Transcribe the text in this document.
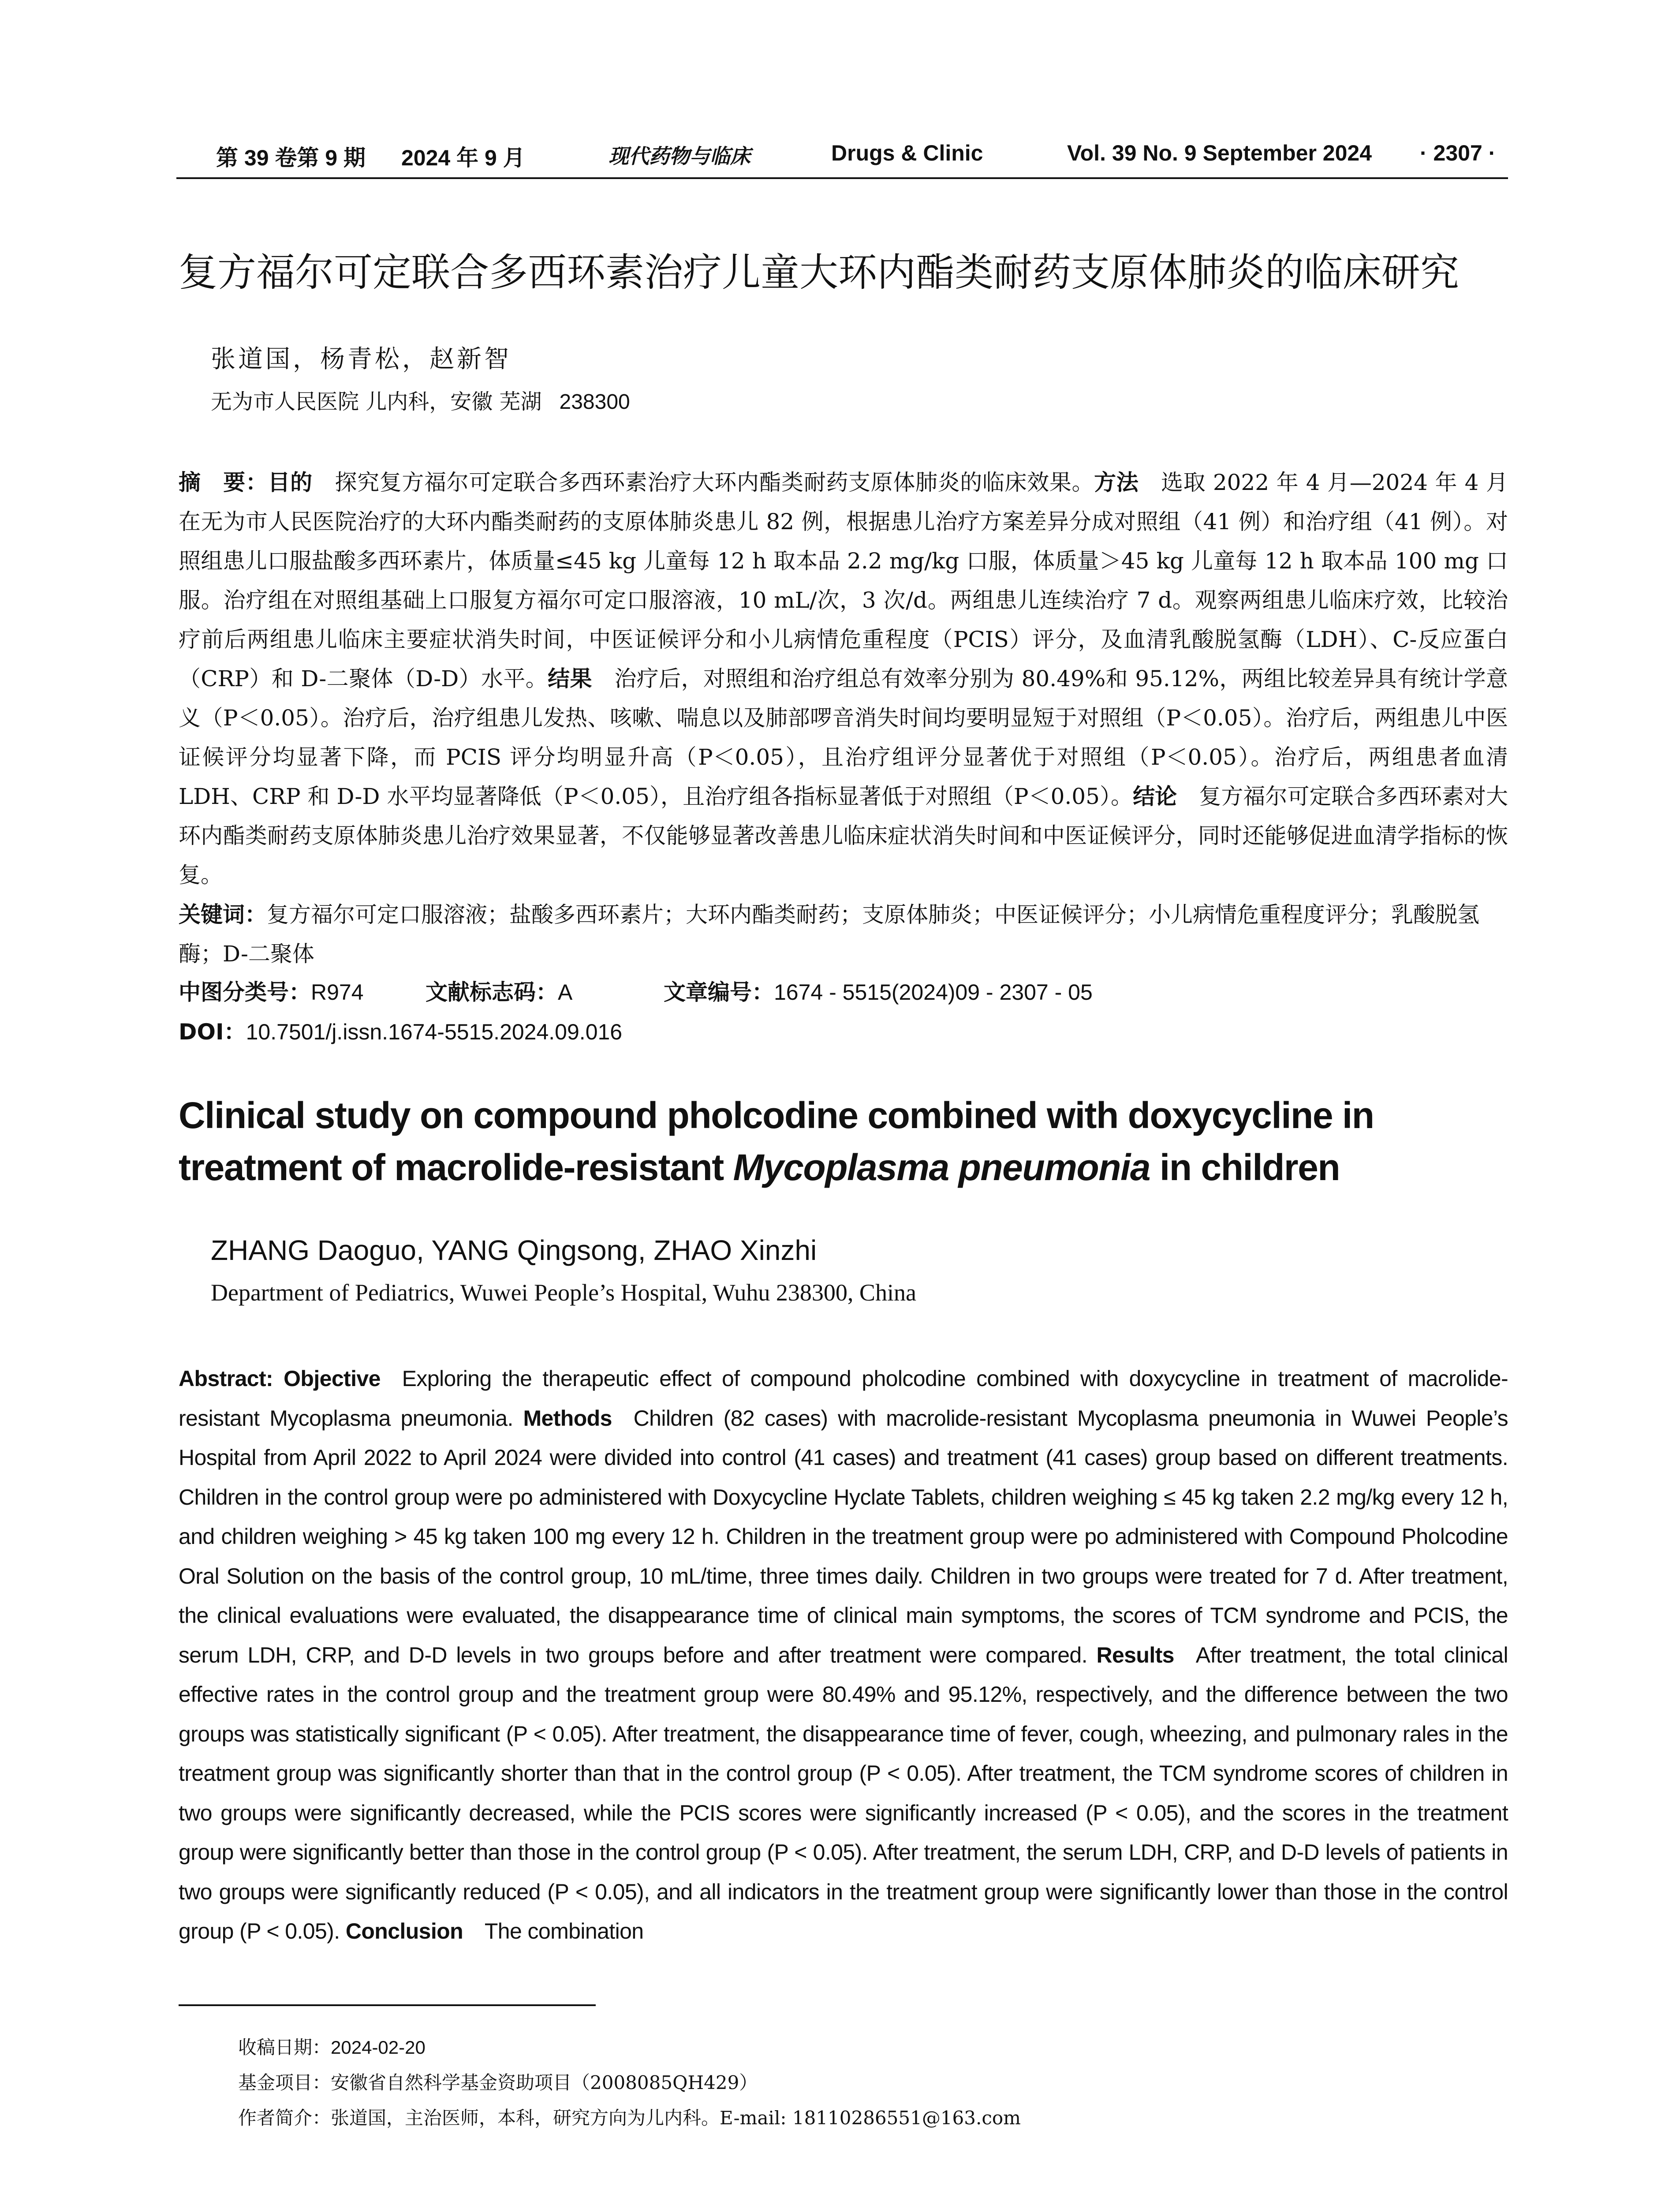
第 39 卷第 9 期 2024 年 9 月	现代药物与临床	Drugs & Clinic	Vol. 39 No. 9 September 2024 · 2307 ·
复方福尔可定联合多西环素治疗儿童大环内酯类耐药支原体肺炎的临床研究
张道国，杨青松，赵新智
无为市人民医院 儿内科，安徽 芜湖 238300

摘　要：目的  探究复方福尔可定联合多西环素治疗大环内酯类耐药支原体肺炎的临床效果。方法  选取 2022 年 4 月—2024 年 4 月在无为市人民医院治疗的大环内酯类耐药的支原体肺炎患儿 82 例，根据患儿治疗方案差异分成对照组（41 例）和治疗组（41 例）。对照组患儿口服盐酸多西环素片，体质量≤45 kg 儿童每 12 h 取本品 2.2 mg/kg 口服，体质量＞45 kg 儿童每 12 h 取本品 100 mg 口服。治疗组在对照组基础上口服复方福尔可定口服溶液，10 mL/次，3 次/d。两组患儿连续治疗 7 d。观察两组患儿临床疗效，比较治疗前后两组患儿临床主要症状消失时间，中医证候评分和小儿病情危重程度（PCIS）评分，及血清乳酸脱氢酶（LDH）、C-反应蛋白（CRP）和 D-二聚体（D-D）水平。结果  治疗后，对照组和治疗组总有效率分别为 80.49%和 95.12%，两组比较差异具有统计学意义（P＜0.05）。治疗后，治疗组患儿发热、咳嗽、喘息以及肺部啰音消失时间均要明显短于对照组（P＜0.05）。治疗后，两组患儿中医证候评分均显著下降，而 PCIS 评分均明显升高（P＜0.05），且治疗组评分显著优于对照组（P＜0.05）。治疗后，两组患者血清 LDH、CRP 和 D-D 水平均显著降低（P＜0.05），且治疗组各指标显著低于对照组（P＜0.05）。结论  复方福尔可定联合多西环素对大环内酯类耐药支原体肺炎患儿治疗效果显著，不仅能够显著改善患儿临床症状消失时间和中医证候评分，同时还能够促进血清学指标的恢复。

关键词：复方福尔可定口服溶液；盐酸多西环素片；大环内酯类耐药；支原体肺炎；中医证候评分；小儿病情危重程度评分；乳酸脱氢酶；D-二聚体
中图分类号：R974	文献标志码：A	文章编号：1674 - 5515(2024)09 - 2307 - 05
DOI：10.7501/j.issn.1674-5515.2024.09.016
Clinical study on compound pholcodine combined with doxycycline in treatment of macrolide-resistant Mycoplasma pneumonia in children
ZHANG Daoguo, YANG Qingsong, ZHAO Xinzhi
Department of Pediatrics, Wuwei People’s Hospital, Wuhu 238300, China

Abstract: Objective   Exploring the therapeutic effect of compound pholcodine combined with doxycycline in treatment of macrolide-resistant Mycoplasma pneumonia. Methods   Children (82 cases) with macrolide-resistant Mycoplasma pneumonia in Wuwei People’s Hospital from April 2022 to April 2024 were divided into control (41 cases) and treatment (41 cases) group based on different treatments. Children in the control group were po administered with Doxycycline Hyclate Tablets, children weighing ≤ 45 kg taken 2.2 mg/kg every 12 h, and children weighing > 45 kg taken 100 mg every 12 h. Children in the treatment group were po administered with Compound Pholcodine Oral Solution on the basis of the control group, 10 mL/time, three times daily. Children in two groups were treated for 7 d. After treatment, the clinical evaluations were evaluated, the disappearance time of clinical main symptoms, the scores of TCM syndrome and PCIS, the serum LDH, CRP, and D-D levels in two groups before and after treatment were compared. Results   After treatment, the total clinical effective rates in the control group and the treatment group were 80.49% and 95.12%, respectively, and the difference between the two groups was statistically significant (P < 0.05). After treatment, the disappearance time of fever, cough, wheezing, and pulmonary rales in the treatment group was significantly shorter than that in the control group (P < 0.05). After treatment, the TCM syndrome scores of children in two groups were significantly decreased, while the PCIS scores were significantly increased (P < 0.05), and the scores in the treatment group were significantly better than those in the control group (P < 0.05). After treatment, the serum LDH, CRP, and D-D levels of patients in two groups were significantly reduced (P < 0.05), and all indicators in the treatment group were significantly lower than those in the control group (P < 0.05). Conclusion   The combination

收稿日期：2024-02-20
基金项目：安徽省自然科学基金资助项目（2008085QH429）
作者简介：张道国，主治医师，本科，研究方向为儿内科。E-mail: 18110286551@163.com
